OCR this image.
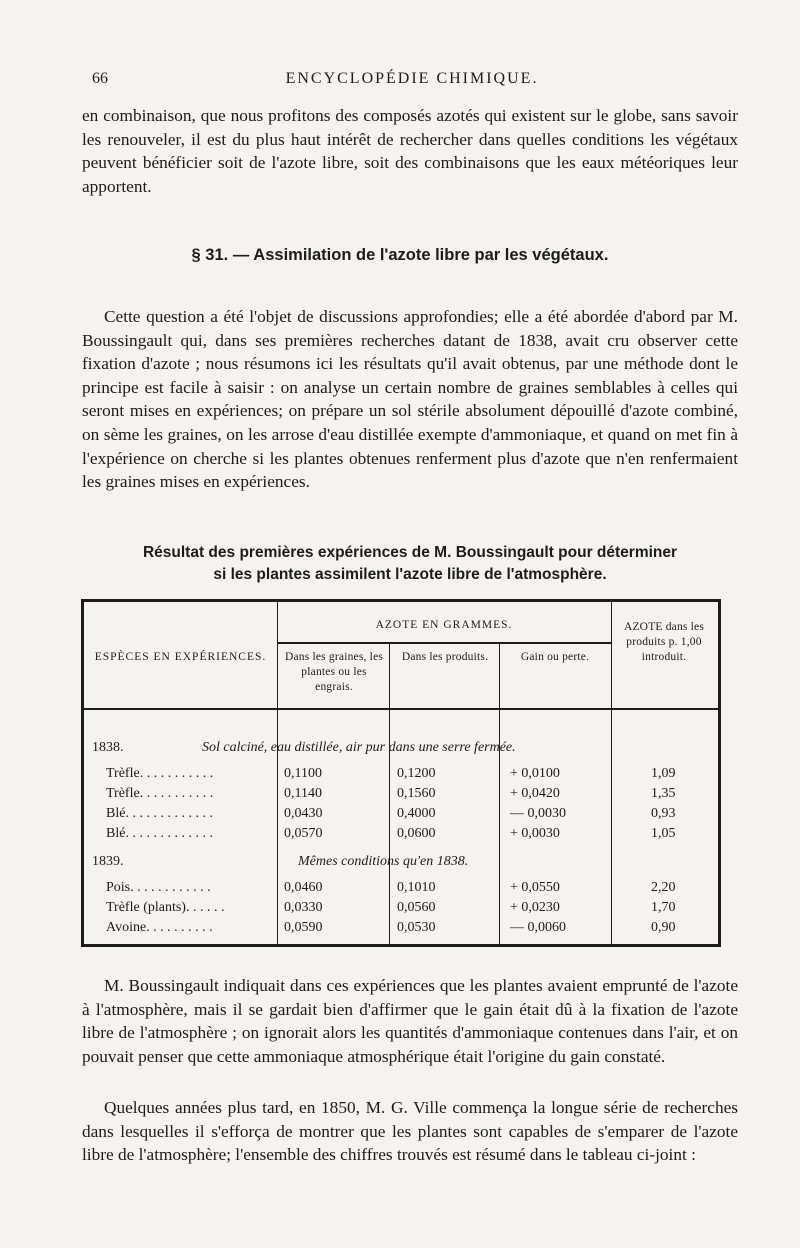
66	ENCYCLOPÉDIE CHIMIQUE.

en combinaison, que nous profitons des composés azotés qui existent sur le globe, sans savoir les renouveler, il est du plus haut intérêt de rechercher dans quelles conditions les végétaux peuvent bénéficier soit de l'azote libre, soit des combinaisons que les eaux météoriques leur apportent.

§ 31. — Assimilation de l'azote libre par les végétaux.

Cette question a été l'objet de discussions approfondies; elle a été abordée d'abord par M. Boussingault qui, dans ses premières recherches datant de 1838, avait cru observer cette fixation d'azote ; nous résumons ici les résultats qu'il avait obtenus, par une méthode dont le principe est facile à saisir : on analyse un certain nombre de graines semblables à celles qui seront mises en expériences; on prépare un sol stérile absolument dépouillé d'azote combiné, on sème les graines, on les arrose d'eau distillée exempte d'ammoniaque, et quand on met fin à l'expérience on cherche si les plantes obtenues renferment plus d'azote que n'en renfermaient les graines mises en expériences.

Résultat des premières expériences de M. Boussingault pour déterminer
si les plantes assimilent l'azote libre de l'atmosphère.
ESPÈCES EN EXPÉRIENCES.
AZOTE EN GRAMMES.
Dans les graines, les plantes ou les engrais.
Dans les produits.	Gain ou perte.
AZOTE dans les produits p. 1,00 introduit.
1838.	Sol calciné, eau distillée, air pur dans une serre fermée.
Trèfle. . . . . . . . . . .	0,1100	0,1200	+ 0,0100	1,09
Trèfle. . . . . . . . . . .	0,1140	0,1560	+ 0,0420	1,35
Blé. . . . . . . . . . . . .	0,0430	0,4000	— 0,0030	0,93
Blé. . . . . . . . . . . . .	0,0570	0,0600	+ 0,0030	1,05
1839.	Mêmes conditions qu'en 1838.
Pois. . . . . . . . . . . .	0,0460	0,1010	+ 0,0550	2,20
Trèfle (plants). . . . . .	0,0330	0,0560	+ 0,0230	1,70
Avoine. . . . . . . . . .	0,0590	0,0530	— 0,0060	0,90

M. Boussingault indiquait dans ces expériences que les plantes avaient emprunté de l'azote à l'atmosphère, mais il se gardait bien d'affirmer que le gain était dû à la fixation de l'azote libre de l'atmosphère ; on ignorait alors les quantités d'ammoniaque contenues dans l'air, et on pouvait penser que cette ammoniaque atmosphérique était l'origine du gain constaté.

Quelques années plus tard, en 1850, M. G. Ville commença la longue série de recherches dans lesquelles il s'efforça de montrer que les plantes sont capables de s'emparer de l'azote libre de l'atmosphère; l'ensemble des chiffres trouvés est résumé dans le tableau ci-joint :
